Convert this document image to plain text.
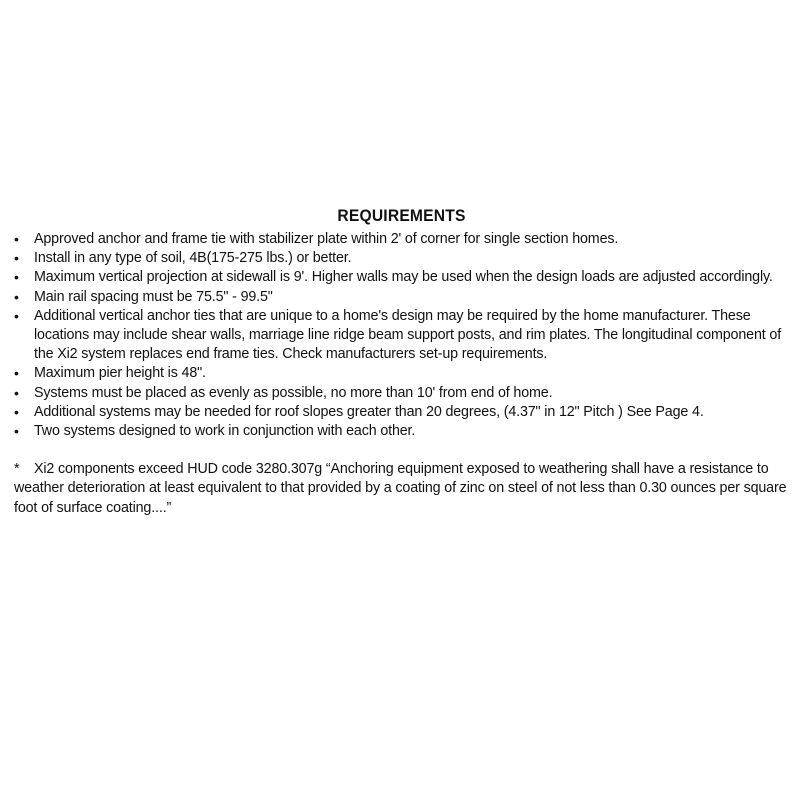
REQUIREMENTS
• Approved anchor and frame tie with stabilizer plate within 2' of corner for single section homes.
• Install in any type of soil, 4B(175-275 lbs.) or better.
• Maximum vertical projection at sidewall is 9'. Higher walls may be used when the design loads are adjusted accordingly.
• Main rail spacing must be 75.5" - 99.5"
• Additional vertical anchor ties that are unique to a home's design may be required by the home manufacturer. These locations may include shear walls, marriage line ridge beam support posts, and rim plates. The longitudinal component of the Xi2 system replaces end frame ties. Check manufacturers set-up requirements.
• Maximum pier height is 48".
• Systems must be placed as evenly as possible, no more than 10' from end of home.
• Additional systems may be needed for roof slopes greater than 20 degrees, (4.37" in 12" Pitch ) See Page 4.
• Two systems designed to work in conjunction with each other.
* Xi2 components exceed HUD code 3280.307g “Anchoring equipment exposed to weathering shall have a resistance to weather deterioration at least equivalent to that provided by a coating of zinc on steel of not less than 0.30 ounces per square foot of surface coating....”
